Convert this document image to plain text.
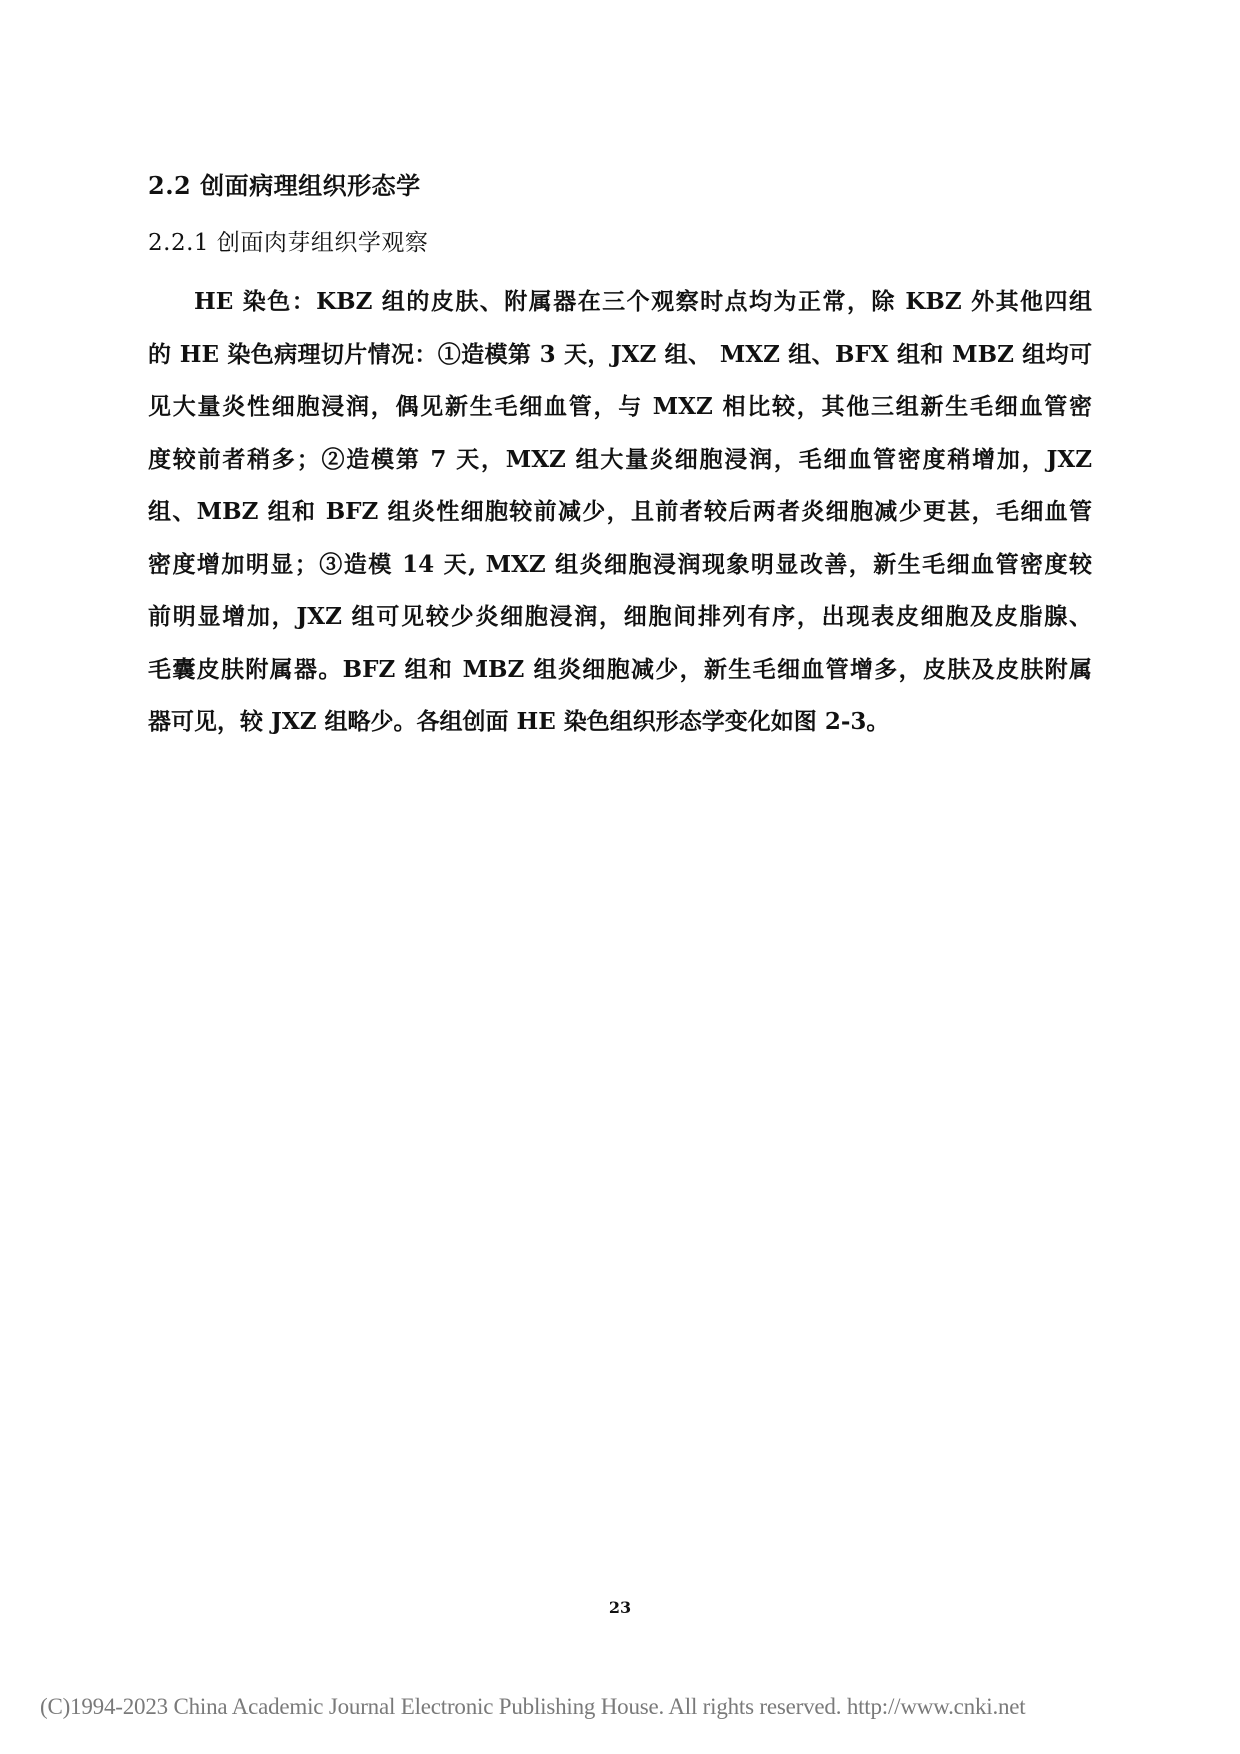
2.2 创面病理组织形态学
2.2.1 创面肉芽组织学观察

HE 染色：KBZ 组的皮肤、附属器在三个观察时点均为正常，除 KBZ 外其他四组
的 HE 染色病理切片情况：①造模第 3 天，JXZ 组、 MXZ 组、BFX 组和 MBZ 组均可
见大量炎性细胞浸润，偶见新生毛细血管，与 MXZ 相比较，其他三组新生毛细血管密
度较前者稍多；②造模第 7 天，MXZ 组大量炎细胞浸润，毛细血管密度稍增加，JXZ
组、MBZ 组和 BFZ 组炎性细胞较前减少，且前者较后两者炎细胞减少更甚，毛细血管
密度增加明显；③造模 14 天, MXZ 组炎细胞浸润现象明显改善，新生毛细血管密度较
前明显增加，JXZ 组可见较少炎细胞浸润，细胞间排列有序，出现表皮细胞及皮脂腺、
毛囊皮肤附属器。BFZ 组和 MBZ 组炎细胞减少，新生毛细血管增多，皮肤及皮肤附属
器可见，较 JXZ 组略少。各组创面 HE 染色组织形态学变化如图 2-3。

23
(C)1994-2023 China Academic Journal Electronic Publishing House. All rights reserved. http://www.cnki.net
